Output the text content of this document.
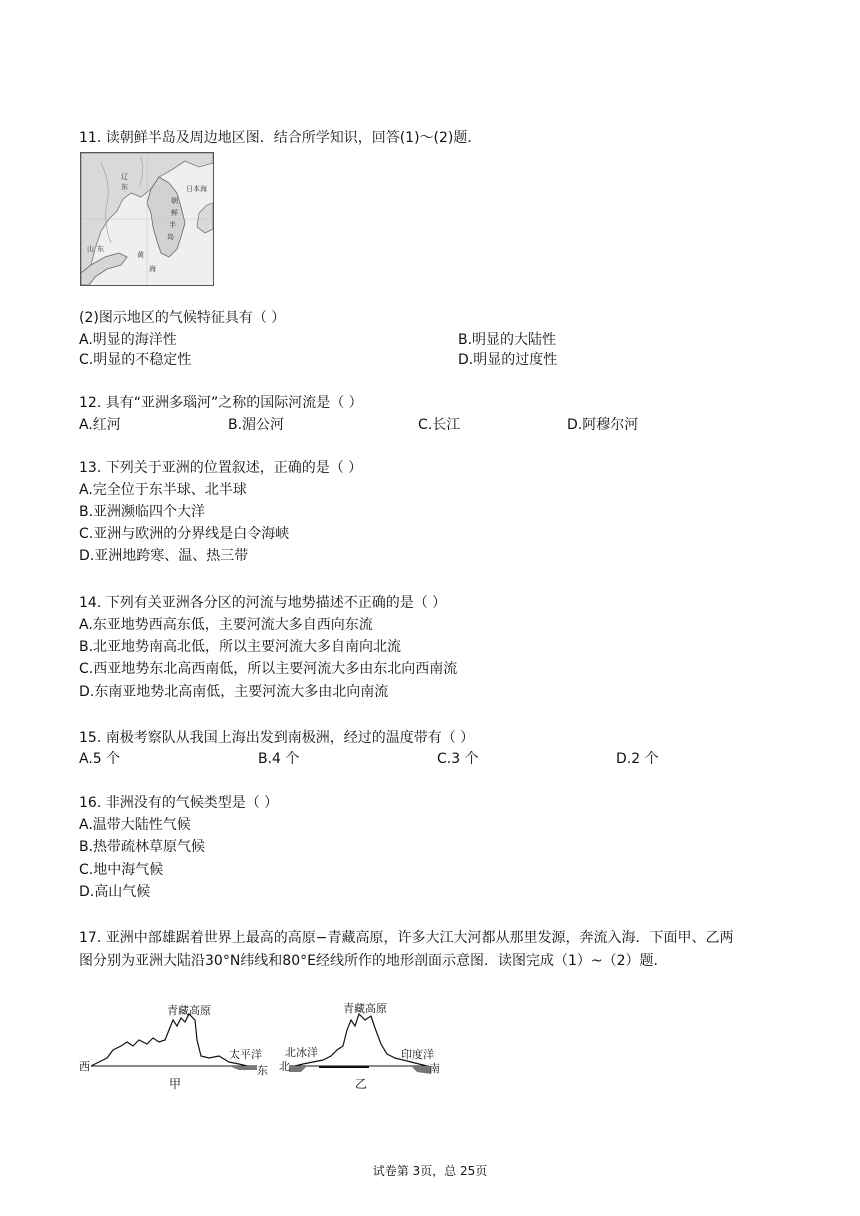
11. 读朝鲜半岛及周边地区图．结合所学知识，回答(1)～(2)题．
日本海
朝
鲜
半
岛
辽
东
黄
海
山 东
(2)图示地区的气候特征具有（ ）
A.明显的海洋性	B.明显的大陆性
C.明显的不稳定性	D.明显的过度性
12. 具有“亚洲多瑙河”之称的国际河流是（ ）
A.红河	B.湄公河	C.长江	D.阿穆尔河
13. 下列关于亚洲的位置叙述，正确的是（ ）
A.完全位于东半球、北半球
B.亚洲濒临四个大洋
C.亚洲与欧洲的分界线是白令海峡
D.亚洲地跨寒、温、热三带
14. 下列有关亚洲各分区的河流与地势描述不正确的是（ ）
A.东亚地势西高东低，主要河流大多自西向东流
B.北亚地势南高北低，所以主要河流大多自南向北流
C.西亚地势东北高西南低，所以主要河流大多由东北向西南流
D.东南亚地势北高南低，主要河流大多由北向南流
15. 南极考察队从我国上海出发到南极洲，经过的温度带有（ ）
A.5 个	B.4 个	C.3 个	D.2 个
16. 非洲没有的气候类型是（ ）
A.温带大陆性气候
B.热带疏林草原气候
C.地中海气候
D.高山气候
17. 亚洲中部雄踞着世界上最高的高原−青藏高原，许多大江大河都从那里发源，奔流入海．下面甲、乙两
图分别为亚洲大陆沿30°N纬线和80°E经线所作的地形剖面示意图．读图完成（1）~（2）题．
西	东
青藏高原
太平洋
甲
北	南
青藏高原
北冰洋	印度洋
乙
试卷第 3页，总 25页
